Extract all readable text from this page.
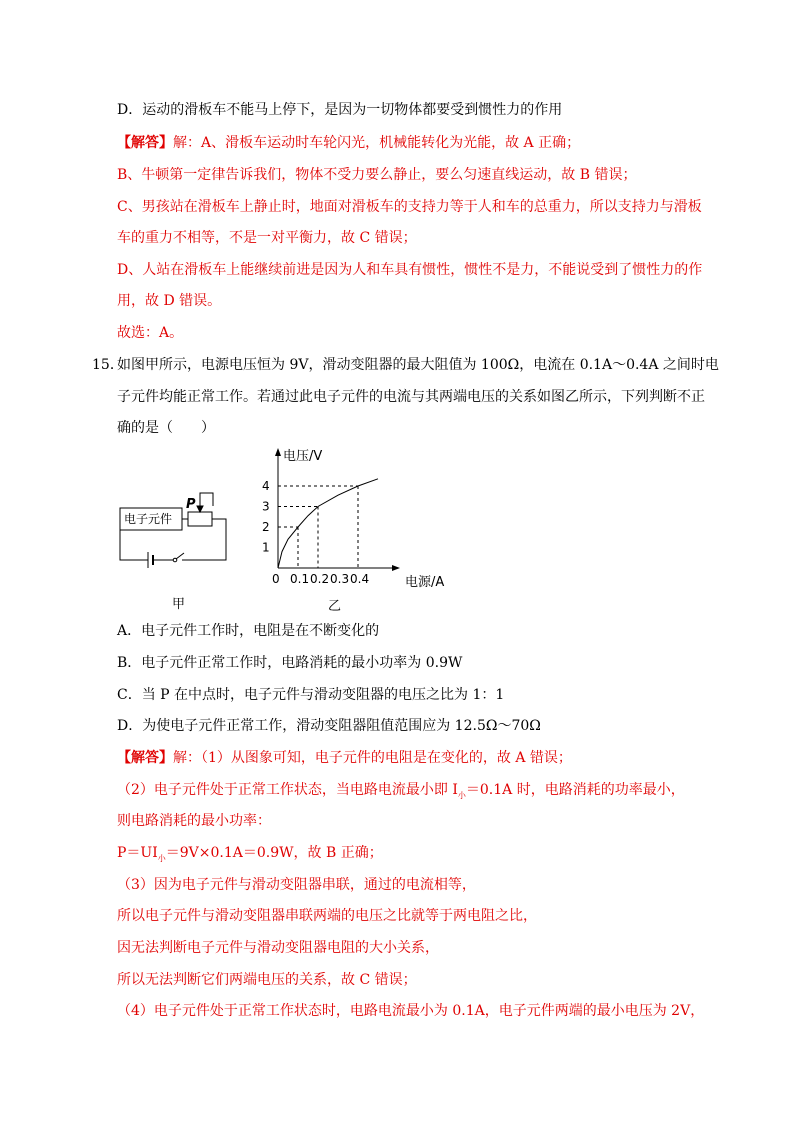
D．运动的滑板车不能马上停下，是因为一切物体都要受到惯性力的作用
【解答】解：A、滑板车运动时车轮闪光，机械能转化为光能，故 A 正确；
B、牛顿第一定律告诉我们，物体不受力要么静止，要么匀速直线运动，故 B 错误；
C、男孩站在滑板车上静止时，地面对滑板车的支持力等于人和车的总重力，所以支持力与滑板
车的重力不相等，不是一对平衡力，故 C 错误；
D、人站在滑板车上能继续前进是因为人和车具有惯性，惯性不是力，不能说受到了惯性力的作
用，故 D 错误。
故选：A。
15．
如图甲所示，电源电压恒为 9V，滑动变阻器的最大阻值为 100Ω，电流在 0.1A～0.4A 之间时电
子元件均能正常工作。若通过此电子元件的电流与其两端电压的关系如图乙所示，下列判断不正
确的是（　　）
电子元件
P
甲
0.1 0.2 0.3 0.4
1
2
3
4
电压/V
电源/A
0
乙
A．电子元件工作时，电阻是在不断变化的
B．电子元件正常工作时，电路消耗的最小功率为 0.9W
C．当 P 在中点时，电子元件与滑动变阻器的电压之比为 1：1
D．为使电子元件正常工作，滑动变阻器阻值范围应为 12.5Ω～70Ω
【解答】解：（1）从图象可知，电子元件的电阻是在变化的，故 A 错误；
（2）电子元件处于正常工作状态，当电路电流最小即 $I_小=0.1A$ 时，电路消耗的功率最小，
则电路消耗的最小功率：
$P=UI_小=9V\times 0.1A=0.9W$，故 B 正确；
（3）因为电子元件与滑动变阻器串联，通过的电流相等，
所以电子元件与滑动变阻器串联两端的电压之比就等于两电阻之比，
因无法判断电子元件与滑动变阻器电阻的大小关系，
所以无法判断它们两端电压的关系，故 C 错误；
（4）电子元件处于正常工作状态时，电路电流最小为 0.1A，电子元件两端的最小电压为 2V，
